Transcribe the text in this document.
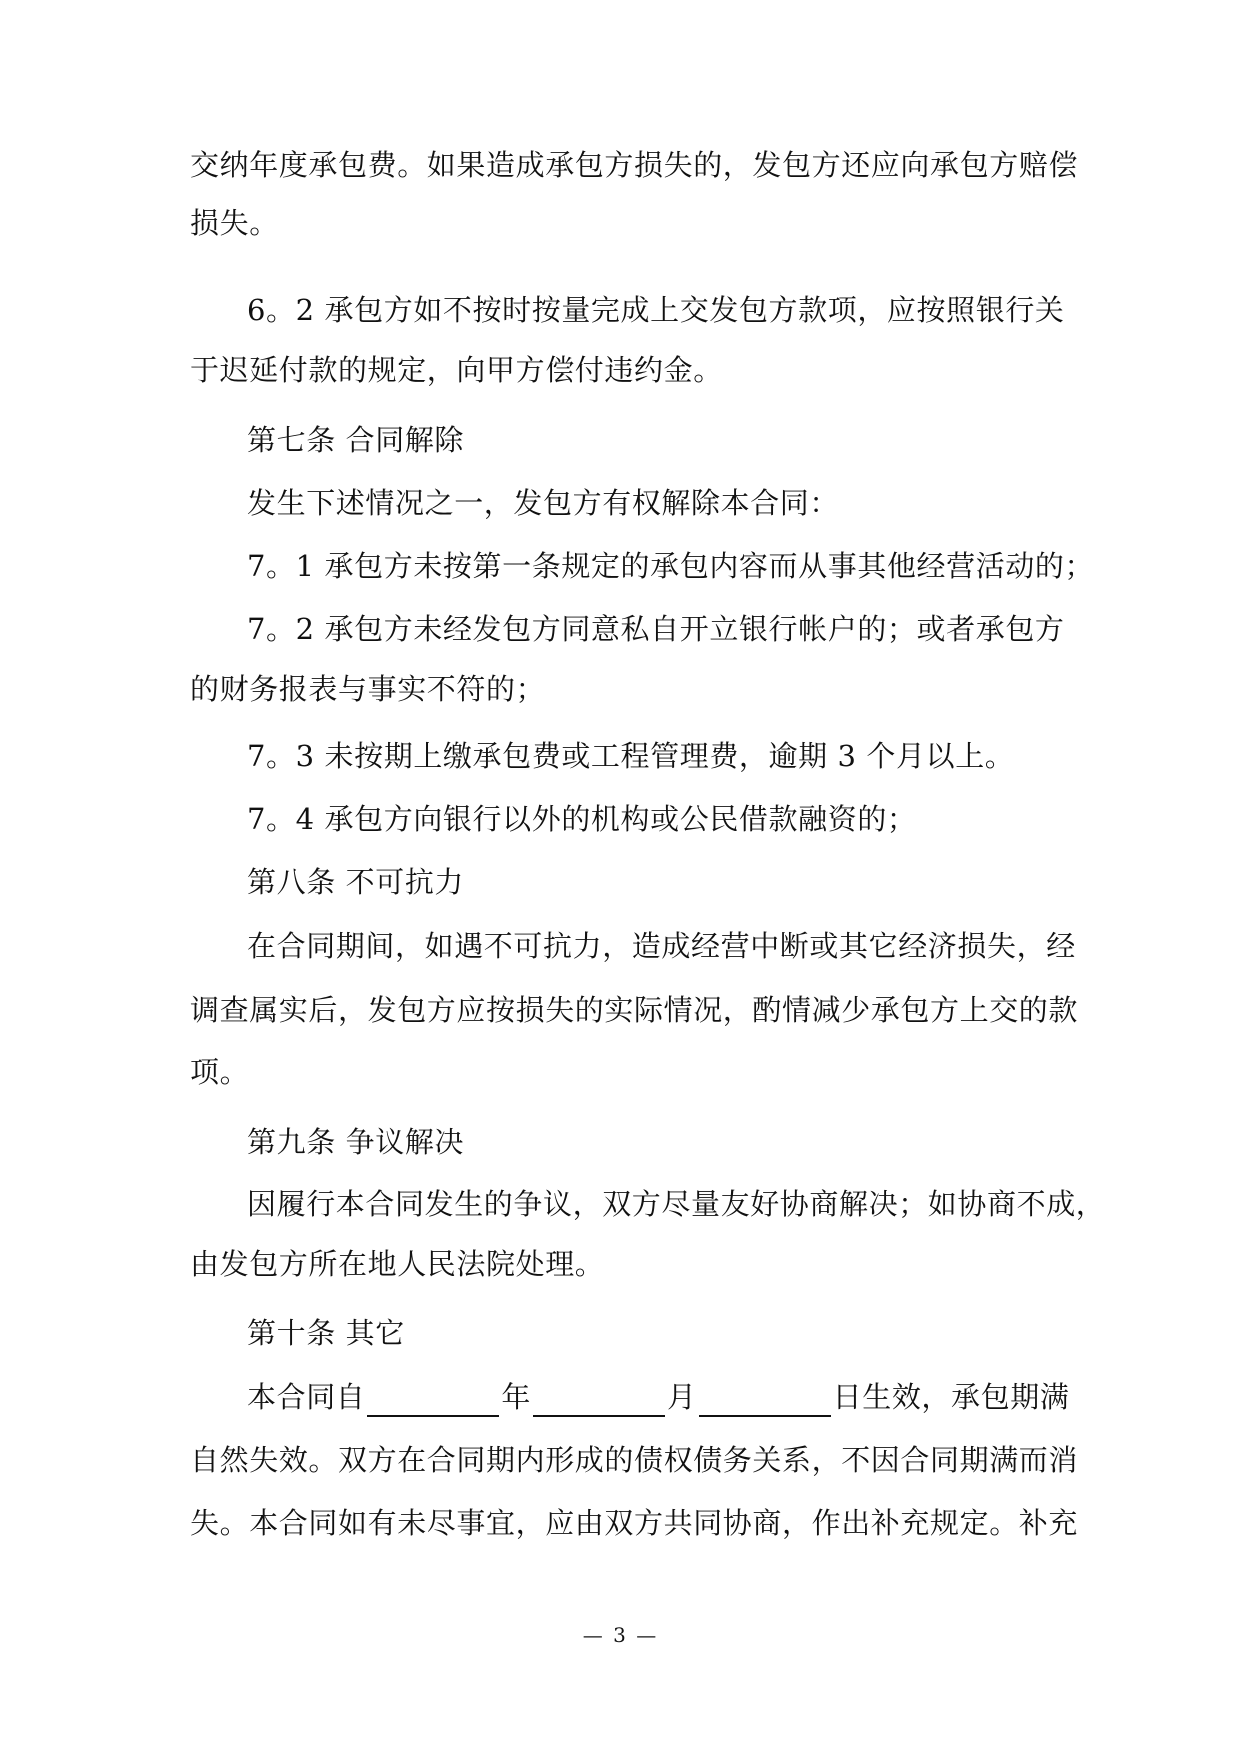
交纳年度承包费。如果造成承包方损失的，发包方还应向承包方赔偿
损失。
6。2 承包方如不按时按量完成上交发包方款项，应按照银行关
于迟延付款的规定，向甲方偿付违约金。
第七条 合同解除
发生下述情况之一，发包方有权解除本合同：
7。1 承包方未按第一条规定的承包内容而从事其他经营活动的；
7。2 承包方未经发包方同意私自开立银行帐户的；或者承包方
的财务报表与事实不符的；
7。3 未按期上缴承包费或工程管理费，逾期 3 个月以上。
7。4 承包方向银行以外的机构或公民借款融资的；
第八条 不可抗力
在合同期间，如遇不可抗力，造成经营中断或其它经济损失，经
调查属实后，发包方应按损失的实际情况，酌情减少承包方上交的款
项。
第九条 争议解决
因履行本合同发生的争议，双方尽量友好协商解决；如协商不成，
由发包方所在地人民法院处理。
第十条 其它
本合同自	年	月	日生效，承包期满
自然失效。双方在合同期内形成的债权债务关系，不因合同期满而消
失。本合同如有未尽事宜，应由双方共同协商，作出补充规定。补充
— 3 —
